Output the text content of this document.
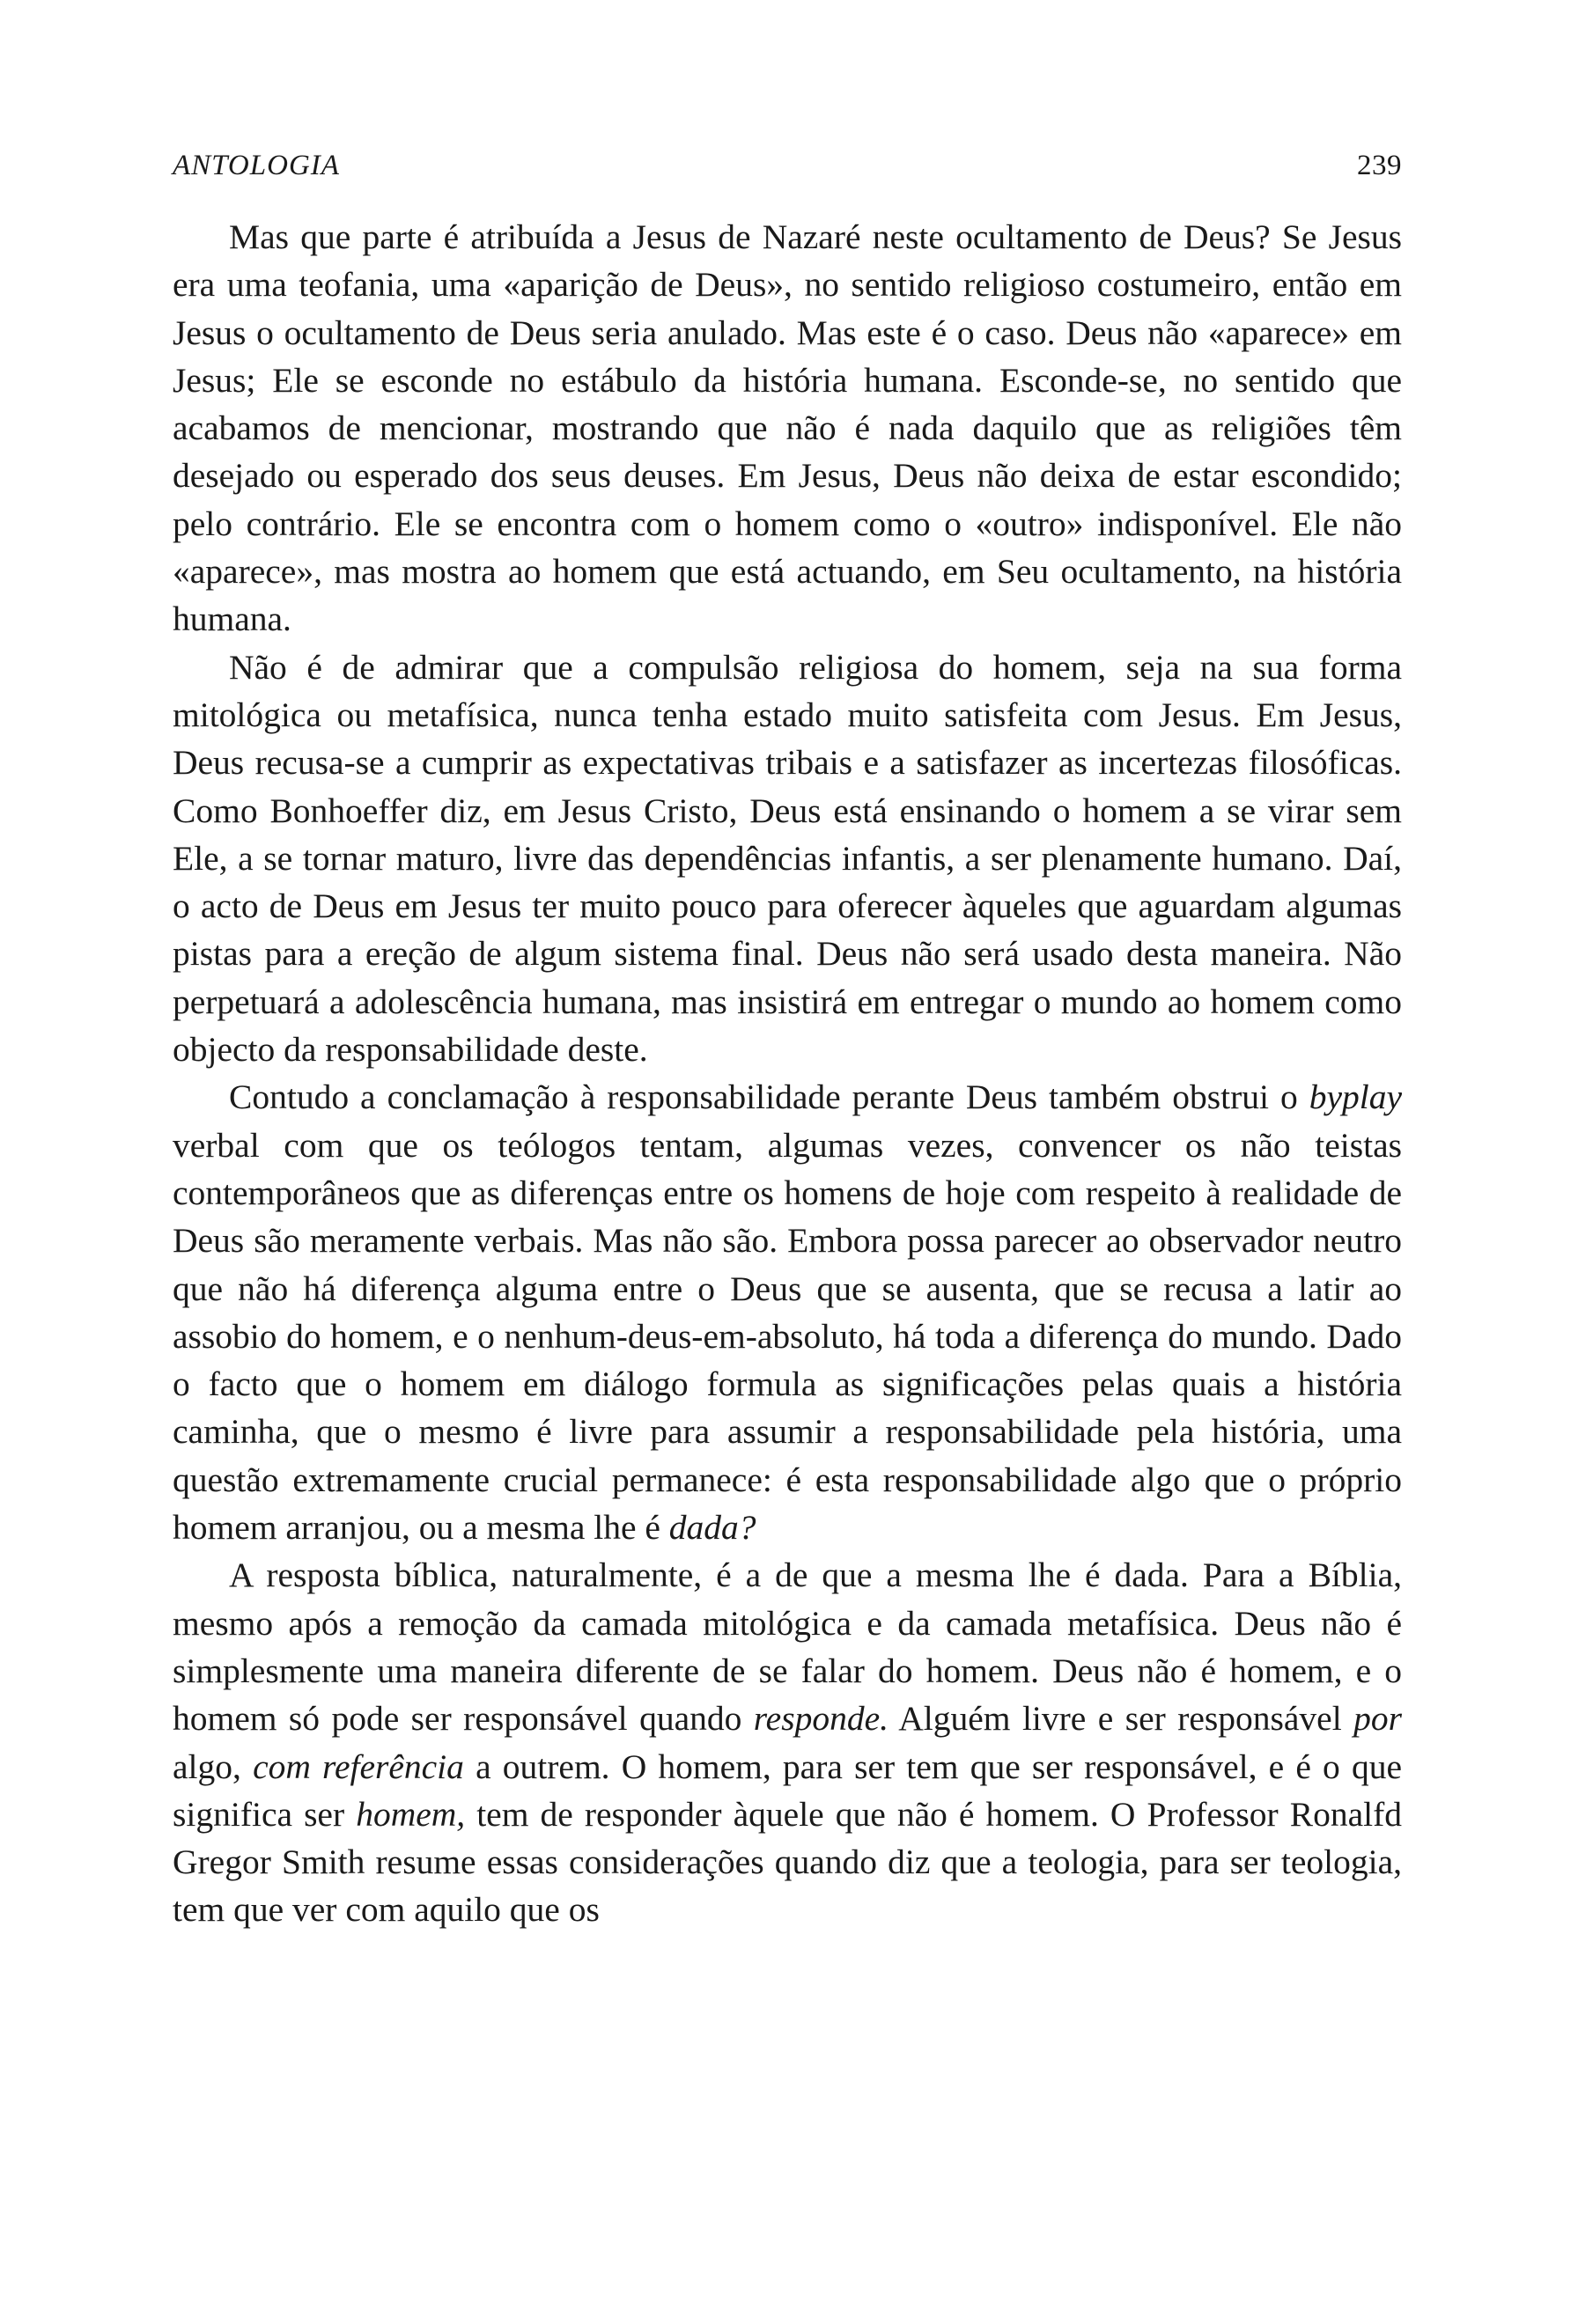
ANTOLOGIA	239

Mas que parte é atribuída a Jesus de Nazaré neste ocultamento de Deus? Se Jesus era uma teofania, uma «aparição de Deus», no sentido religioso costumeiro, então em Jesus o ocultamento de Deus seria anulado. Mas este é o caso. Deus não «aparece» em Jesus; Ele se esconde no estábulo da história humana. Esconde-se, no sentido que acabamos de mencionar, mostrando que não é nada daquilo que as religiões têm desejado ou esperado dos seus deuses. Em Jesus, Deus não deixa de estar escondido; pelo contrário. Ele se encontra com o homem como o «outro» indisponível. Ele não «aparece», mas mostra ao homem que está actuando, em Seu ocultamento, na história humana.

Não é de admirar que a compulsão religiosa do homem, seja na sua forma mitológica ou metafísica, nunca tenha estado muito satisfeita com Jesus. Em Jesus, Deus recusa-se a cumprir as expectativas tribais e a satisfazer as incertezas filosóficas. Como Bonhoeffer diz, em Jesus Cristo, Deus está ensinando o homem a se virar sem Ele, a se tornar maturo, livre das dependências infantis, a ser plenamente humano. Daí, o acto de Deus em Jesus ter muito pouco para oferecer àqueles que aguardam algumas pistas para a ereção de algum sistema final. Deus não será usado desta maneira. Não perpetuará a adolescência humana, mas insistirá em entregar o mundo ao homem como objecto da responsabilidade deste.

Contudo a conclamação à responsabilidade perante Deus também obstrui o byplay verbal com que os teólogos tentam, algumas vezes, convencer os não teistas contemporâneos que as diferenças entre os homens de hoje com respeito à realidade de Deus são meramente verbais. Mas não são. Embora possa parecer ao observador neutro que não há diferença alguma entre o Deus que se ausenta, que se recusa a latir ao assobio do homem, e o nenhum-deus-em-absoluto, há toda a diferença do mundo. Dado o facto que o homem em diálogo formula as significações pelas quais a história caminha, que o mesmo é livre para assumir a responsabilidade pela história, uma questão extremamente crucial permanece: é esta responsabilidade algo que o próprio homem arranjou, ou a mesma lhe é dada?

A resposta bíblica, naturalmente, é a de que a mesma lhe é dada. Para a Bíblia, mesmo após a remoção da camada mitológica e da camada metafísica. Deus não é simplesmente uma maneira diferente de se falar do homem. Deus não é homem, e o homem só pode ser responsável quando responde. Alguém livre e ser responsável por algo, com referência a outrem. O homem, para ser tem que ser responsável, e é o que significa ser homem, tem de responder àquele que não é homem. O Professor Ronalfd Gregor Smith resume essas considerações quando diz que a teologia, para ser teologia, tem que ver com aquilo que os
